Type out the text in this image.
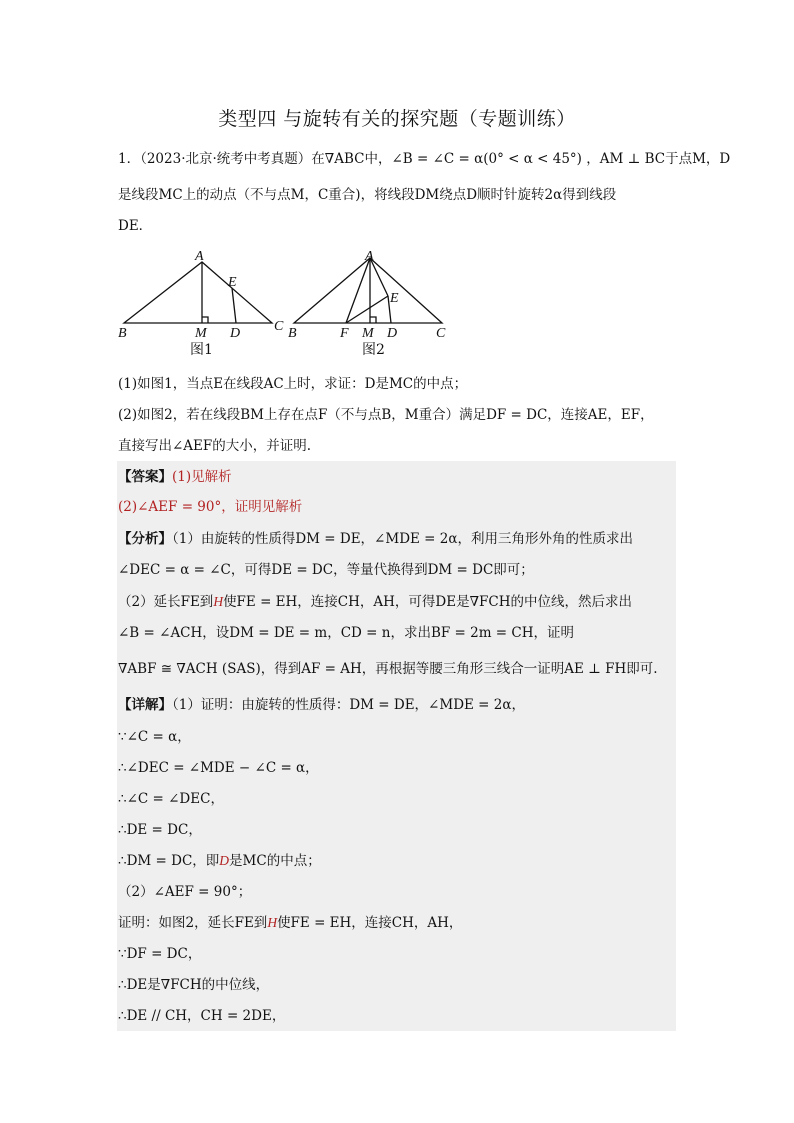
类型四 与旋转有关的探究题（专题训练）
1．（2023·北京·统考中考真题）在∇ABC中，∠B = ∠C = α(0° < α < 45°) ，AM ⊥ BC于点M，D
是线段MC上的动点（不与点M，C重合)，将线段DM绕点D顺时针旋转2α得到线段
DE．
A
B	C
M D
E
图1
A
B	C
F M D
E
图2
(1)如图1，当点E在线段AC上时，求证：D是MC的中点；
(2)如图2，若在线段BM上存在点F（不与点B，M重合）满足DF = DC，连接AE，EF，
直接写出∠AEF的大小，并证明.
【答案】(1)见解析
(2)∠AEF = 90°，证明见解析
【分析】（1）由旋转的性质得DM = DE，∠MDE = 2α，利用三角形外角的性质求出
∠DEC = α = ∠C，可得DE = DC，等量代换得到DM = DC即可；
（2）延长FE到H使FE = EH，连接CH，AH，可得DE是∇FCH的中位线，然后求出
∠B = ∠ACH，设DM = DE = m，CD = n，求出BF = 2m = CH，证明
∇ABF ≅ ∇ACH (SAS)，得到AF = AH，再根据等腰三角形三线合一证明AE ⊥ FH即可.
【详解】（1）证明：由旋转的性质得：DM = DE，∠MDE = 2α，
∵∠C = α，
∴∠DEC = ∠MDE − ∠C = α，
∴∠C = ∠DEC，
∴DE = DC，
∴DM = DC，即D是MC的中点；
（2）∠AEF = 90°；
证明：如图2，延长FE到H使FE = EH，连接CH，AH，
∵DF = DC，
∴DE是∇FCH的中位线，
∴DE // CH，CH = 2DE，
